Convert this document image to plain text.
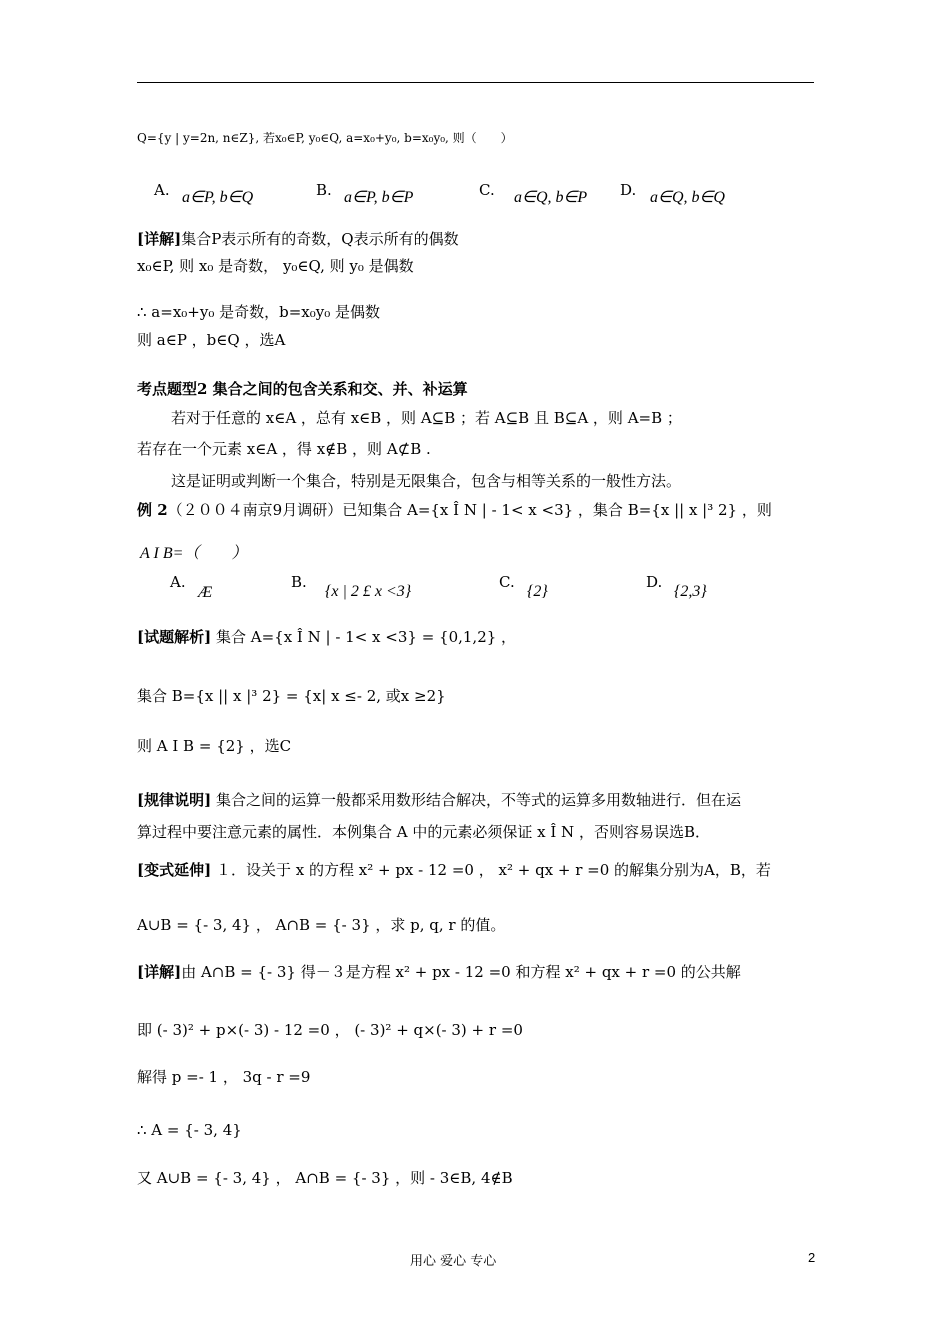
Q={y | y=2n, n∈Z}, 若x₀∈P, y₀∈Q, a=x₀+y₀, b=x₀y₀, 则（　　）
A. a∈P, b∈Q	B. a∈P, b∈P	C. a∈Q, b∈P D. a∈Q, b∈Q
[详解]集合P表示所有的奇数，Q表示所有的偶数
x₀∈P, 则 x₀ 是奇数， y₀∈Q, 则 y₀ 是偶数
∴ a=x₀+y₀ 是奇数，b=x₀y₀ 是偶数
则 a∈P ，b∈Q ，选A
考点题型2 集合之间的包含关系和交、并、补运算
若对于任意的 x∈A ，总有 x∈B ，则 A⊆B ；若 A⊆B 且 B⊆A ，则 A=B ；
若存在一个元素 x∈A ，得 x∉B ，则 A⊄B .
这是证明或判断一个集合，特别是无限集合，包含与相等关系的一般性方法。
例 2（２００４南京9月调研）已知集合 A={x Î N | - 1< x <3} ，集合 B={x || x |³ 2} ，则
A I B=（　　）
A.
Æ
B.
{x | 2 £ x <3}
C.
{2}
D.
{2,3}
[试题解析] 集合 A={x Î N | - 1< x <3} = {0,1,2} ，
集合 B={x || x |³ 2} = {x| x ≤- 2, 或x ≥2}
则 A I B = {2} ，选C
[规律说明] 集合之间的运算一般都采用数形结合解决，不等式的运算多用数轴进行．但在运
算过程中要注意元素的属性．本例集合 A 中的元素必须保证 x Î N ，否则容易误选B．
[变式延伸] １．设关于 x 的方程 x² + px - 12 =0 ， x² + qx + r =0 的解集分别为A，B，若
A∪B = {- 3, 4} ， A∩B = {- 3} ，求 p, q, r 的值。
[详解]由 A∩B = {- 3} 得－３是方程 x² + px - 12 =0 和方程 x² + qx + r =0 的公共解
即 (- 3)² + p×(- 3) - 12 =0 ， (- 3)² + q×(- 3) + r =0
解得 p =- 1 ， 3q - r =9
∴ A = {- 3, 4}
又 A∪B = {- 3, 4} ， A∩B = {- 3} ，则 - 3∈B, 4∉B
用心 爱心 专心	2
